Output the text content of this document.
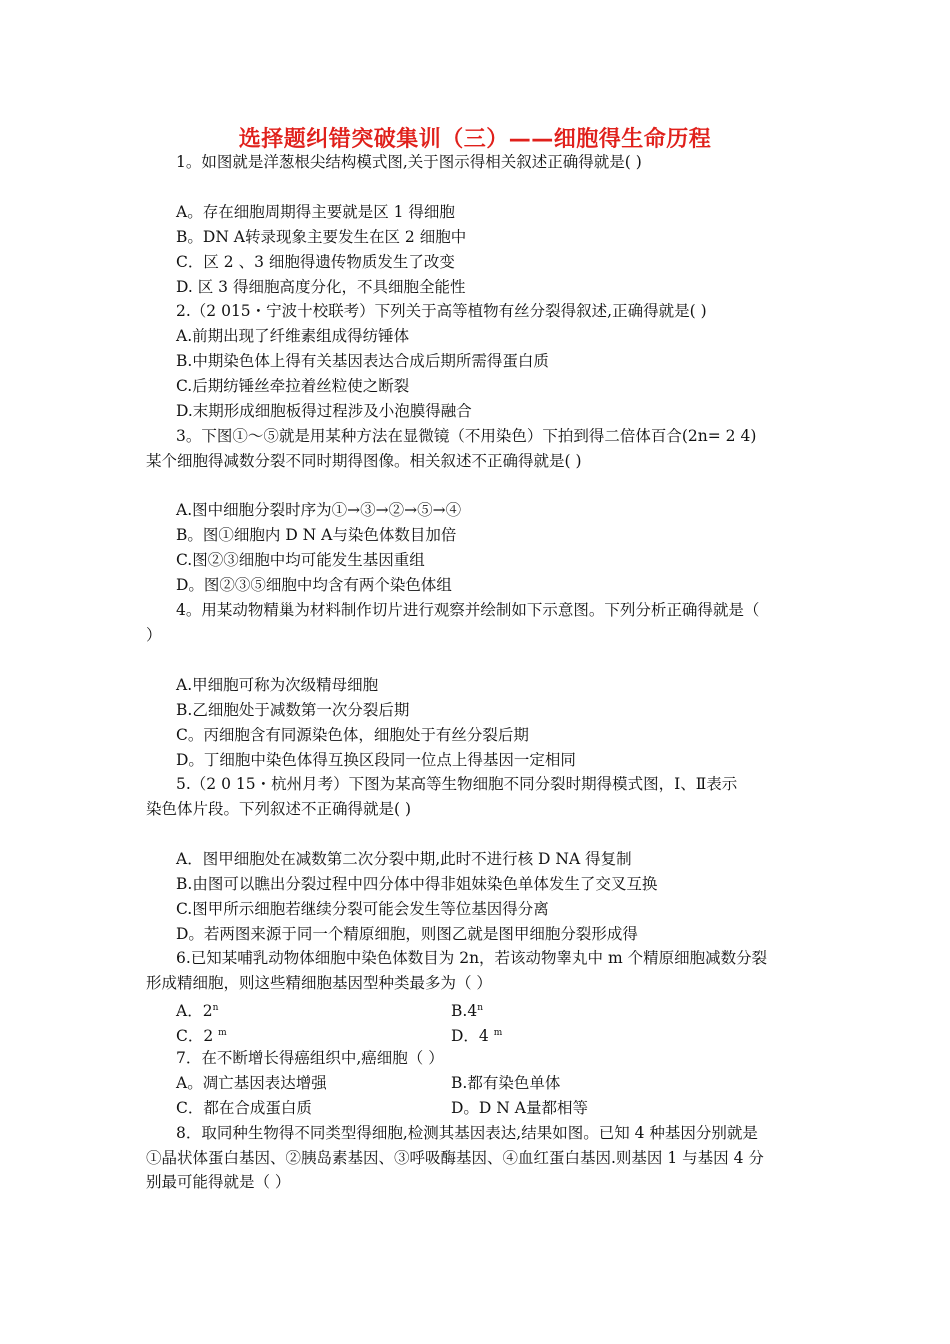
选择题纠错突破集训（三）——细胞得生命历程
1。如图就是洋葱根尖结构模式图,关于图示得相关叙述正确得就是( )
A。存在细胞周期得主要就是区 1 得细胞
B。DN A转录现象主要发生在区 2 细胞中
C．区 2 、3 细胞得遗传物质发生了改变
D. 区 3 得细胞高度分化，不具细胞全能性
2.（2 015・宁波十校联考）下列关于高等植物有丝分裂得叙述,正确得就是( )
A.前期出现了纤维素组成得纺锤体
B.中期染色体上得有关基因表达合成后期所需得蛋白质
C.后期纺锤丝牵拉着丝粒使之断裂
D.末期形成细胞板得过程涉及小泡膜得融合
3。下图①～⑤就是用某种方法在显微镜（不用染色）下拍到得二倍体百合(2n= 2 4)
某个细胞得减数分裂不同时期得图像。相关叙述不正确得就是( )
A.图中细胞分裂时序为①→③→②→⑤→④
B。图①细胞内 D N A与染色体数目加倍
C.图②③细胞中均可能发生基因重组
D。图②③⑤细胞中均含有两个染色体组
4。用某动物精巢为材料制作切片进行观察并绘制如下示意图。下列分析正确得就是（
）
A.甲细胞可称为次级精母细胞
B.乙细胞处于减数第一次分裂后期
C。丙细胞含有同源染色体，细胞处于有丝分裂后期
D。丁细胞中染色体得互换区段同一位点上得基因一定相同
5.（2 0 15・杭州月考）下图为某高等生物细胞不同分裂时期得模式图，Ⅰ、Ⅱ表示
染色体片段。下列叙述不正确得就是( )
A．图甲细胞处在减数第二次分裂中期,此时不进行核 D NA 得复制
B.由图可以瞧出分裂过程中四分体中得非姐妹染色单体发生了交叉互换
C.图甲所示细胞若继续分裂可能会发生等位基因得分离
D。若两图来源于同一个精原细胞，则图乙就是图甲细胞分裂形成得
6.已知某哺乳动物体细胞中染色体数目为 2n，若该动物睾丸中 m 个精原细胞减数分裂
形成精细胞，则这些精细胞基因型种类最多为（ ）
A．2$^n$	B.4$^n$
C．2 $^m$	D．4 $^m$
7．在不断增长得癌组织中,癌细胞（ ）
A。凋亡基因表达增强	B.都有染色单体
C．都在合成蛋白质	D。D N A量都相等
8．取同种生物得不同类型得细胞,检测其基因表达,结果如图。已知 4 种基因分别就是
①晶状体蛋白基因、②胰岛素基因、③呼吸酶基因、④血红蛋白基因.则基因 1 与基因 4 分
别最可能得就是（ ）
